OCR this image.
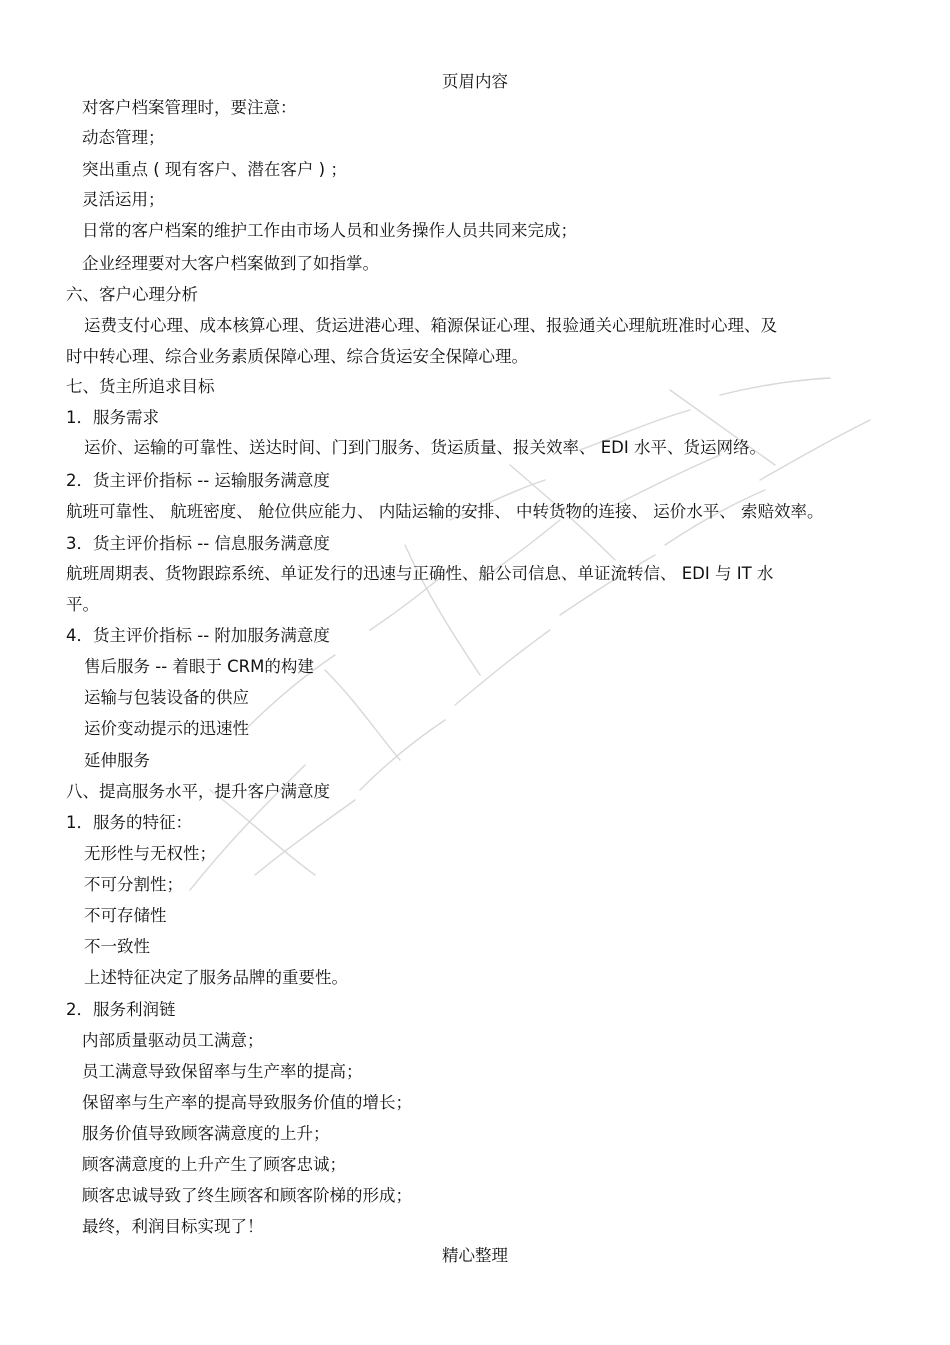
页眉内容
对客户档案管理时，要注意：
动态管理；
突出重点 ( 现有客户、潜在客户 ) ；
灵活运用；
日常的客户档案的维护工作由市场人员和业务操作人员共同来完成；
企业经理要对大客户档案做到了如指掌。
六、客户心理分析
运费支付心理、成本核算心理、货运进港心理、箱源保证心理、报验通关心理航班准时心理、及
时中转心理、综合业务素质保障心理、综合货运安全保障心理。
七、货主所追求目标
1．服务需求
运价、运输的可靠性、送达时间、门到门服务、货运质量、报关效率、 EDI 水平、货运网络。
2．货主评价指标 -- 运输服务满意度
航班可靠性、 航班密度、 舱位供应能力、 内陆运输的安排、 中转货物的连接、 运价水平、 索赔效率。
3．货主评价指标 -- 信息服务满意度
航班周期表、货物跟踪系统、单证发行的迅速与正确性、船公司信息、单证流转信、 EDI 与 IT 水
平。
4．货主评价指标 -- 附加服务满意度
售后服务 -- 着眼于 CRM的构建
运输与包装设备的供应
运价变动提示的迅速性
延伸服务
八、提高服务水平，提升客户满意度
1．服务的特征：
无形性与无权性；
不可分割性；
不可存储性
不一致性
上述特征决定了服务品牌的重要性。
2．服务利润链
内部质量驱动员工满意；
员工满意导致保留率与生产率的提高；
保留率与生产率的提高导致服务价值的增长；
服务价值导致顾客满意度的上升；
顾客满意度的上升产生了顾客忠诚；
顾客忠诚导致了终生顾客和顾客阶梯的形成；
最终，利润目标实现了！
精心整理
